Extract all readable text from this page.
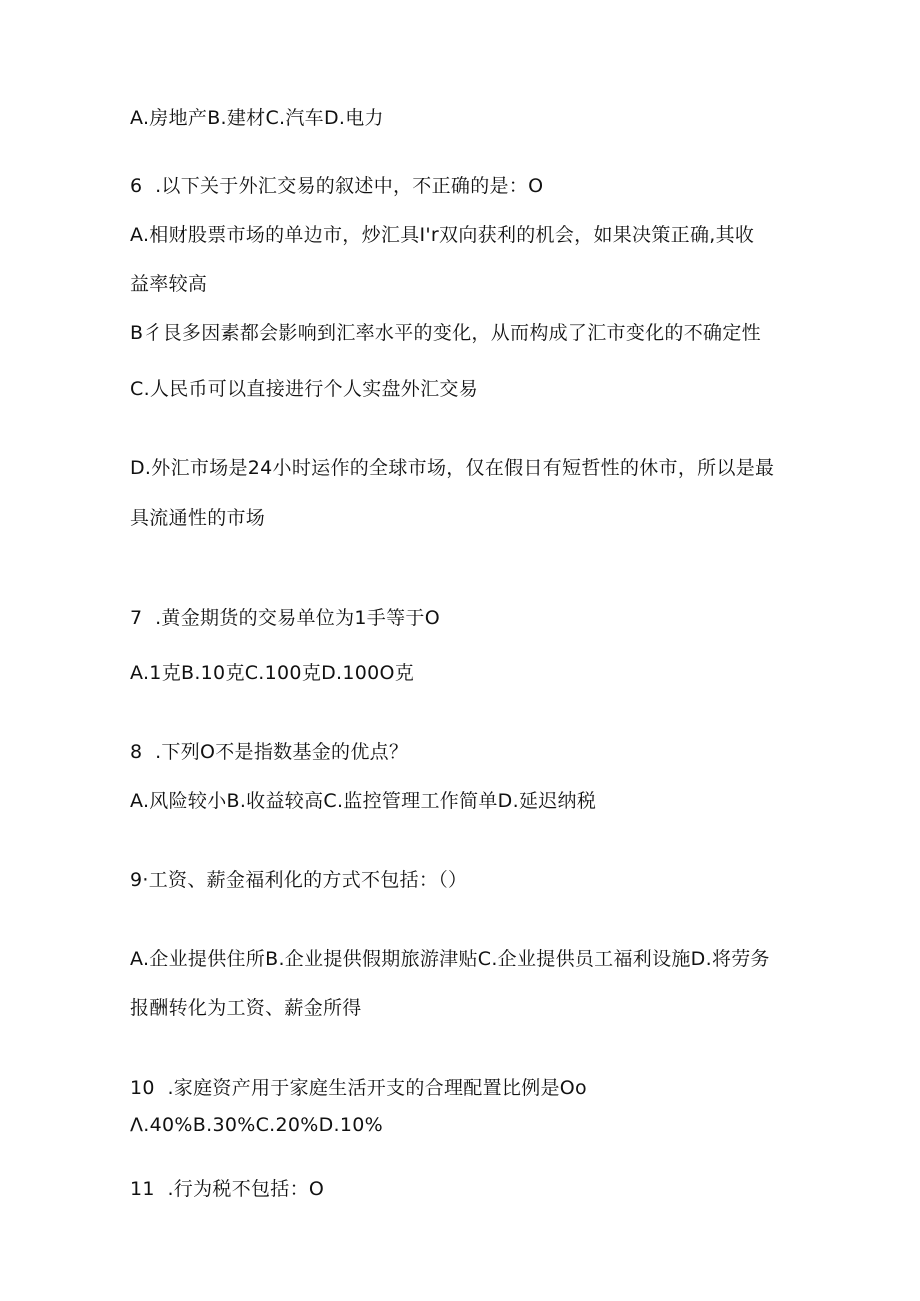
A.房地产B.建材C.汽车D.电力
6  .以下关于外汇交易的叙述中，不正确的是：O
A.相财股票市场的单边市，炒汇具I'r双向获利的机会，如果决策正确,其收
益率较高
B彳艮多因素都会影响到汇率水平的变化，从而构成了汇市变化的不确定性
C.人民币可以直接进行个人实盘外汇交易
D.外汇市场是24小时运作的全球市场，仅在假日有短哲性的休市，所以是最
具流通性的市场
7  .黄金期货的交易单位为1手等于O
A.1克B.10克C.100克D.100O克
8  .下列O不是指数基金的优点？
A.风险较小B.收益较高C.监控管理工作简单D.延迟纳税
9·工资、薪金福利化的方式不包括：（）
A.企业提供住所B.企业提供假期旅游津贴C.企业提供员工福利设施D.将劳务
报酬转化为工资、薪金所得
10  .家庭资产用于家庭生活开支的合理配置比例是Oo
Λ.40%B.30%C.20%D.10%
11  .行为税不包括：O
